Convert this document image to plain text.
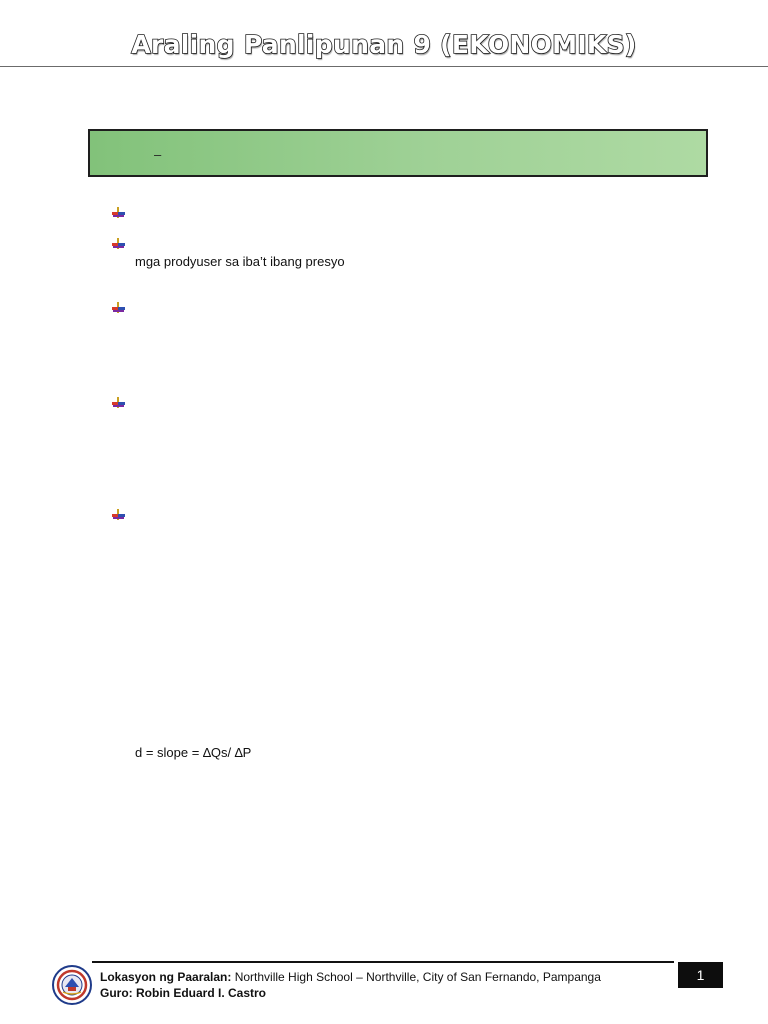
Araling Panlipunan 9 (EKONOMIKS)
–
mga prodyuser sa iba’t ibang presyo
d = slope = ∆Qs/ ∆P
Lokasyon ng Paaralan: Northville High School – Northville, City of San Fernando, Pampanga
Guro: Robin Eduard I. Castro
1
